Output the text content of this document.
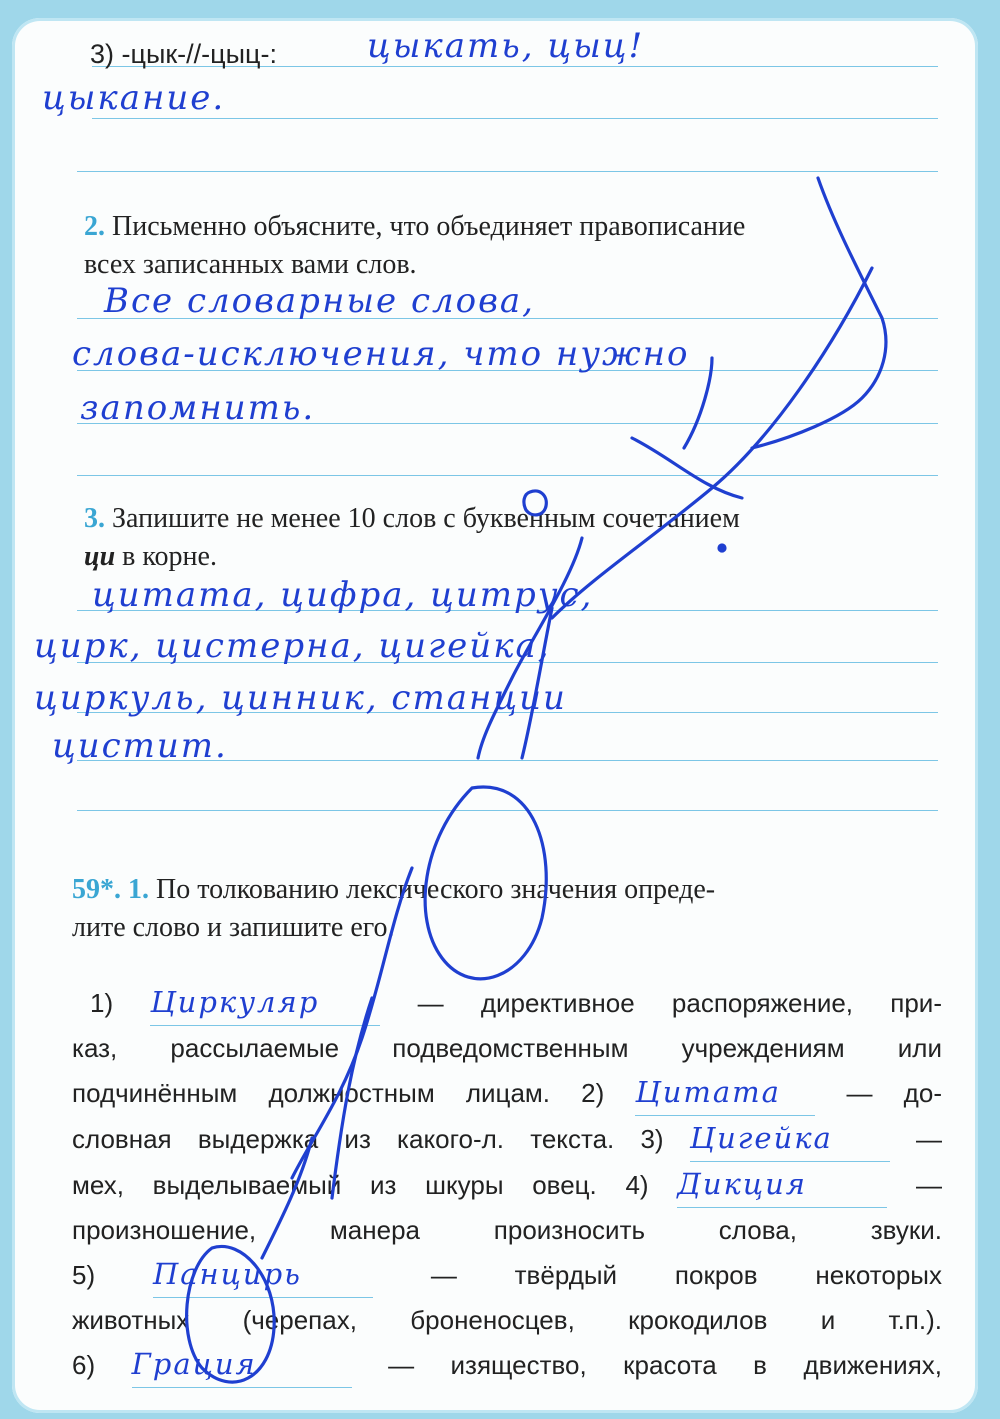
3) -цык-//-цыц-:	цыкать, цыц!
цыкание.
2. Письменно объясните, что объединяет правописание
всех записанных вами слов.
Все словарные слова,
слова-исключения, что нужно
запомнить.
3. Запишите не менее 10 слов с буквенным сочетанием
ци в корне.
цитата, цифра, цитрус,
цирк, цистерна, цигейка,
циркуль, цинник, станции
цистит.
59*. 1. По толкованию лексического значения опреде-
лите слово и запишите его.
1) Циркуляр	— директивное распоряжение, при-
каз, рассылаемые подведомственным учреждениям или
подчинённым должностным лицам. 2) Цитата	— до-
словная выдержка из какого-л. текста. 3) Цигейка	—
мех, выделываемый из шкуры овец. 4) Дикция	—
произношение, манера произносить слова, звуки.
5) Панцирь	— твёрдый покров некоторых
животных (черепах, броненосцев, крокодилов и т.п.).
6) Грация	— изящество, красота в движениях,
